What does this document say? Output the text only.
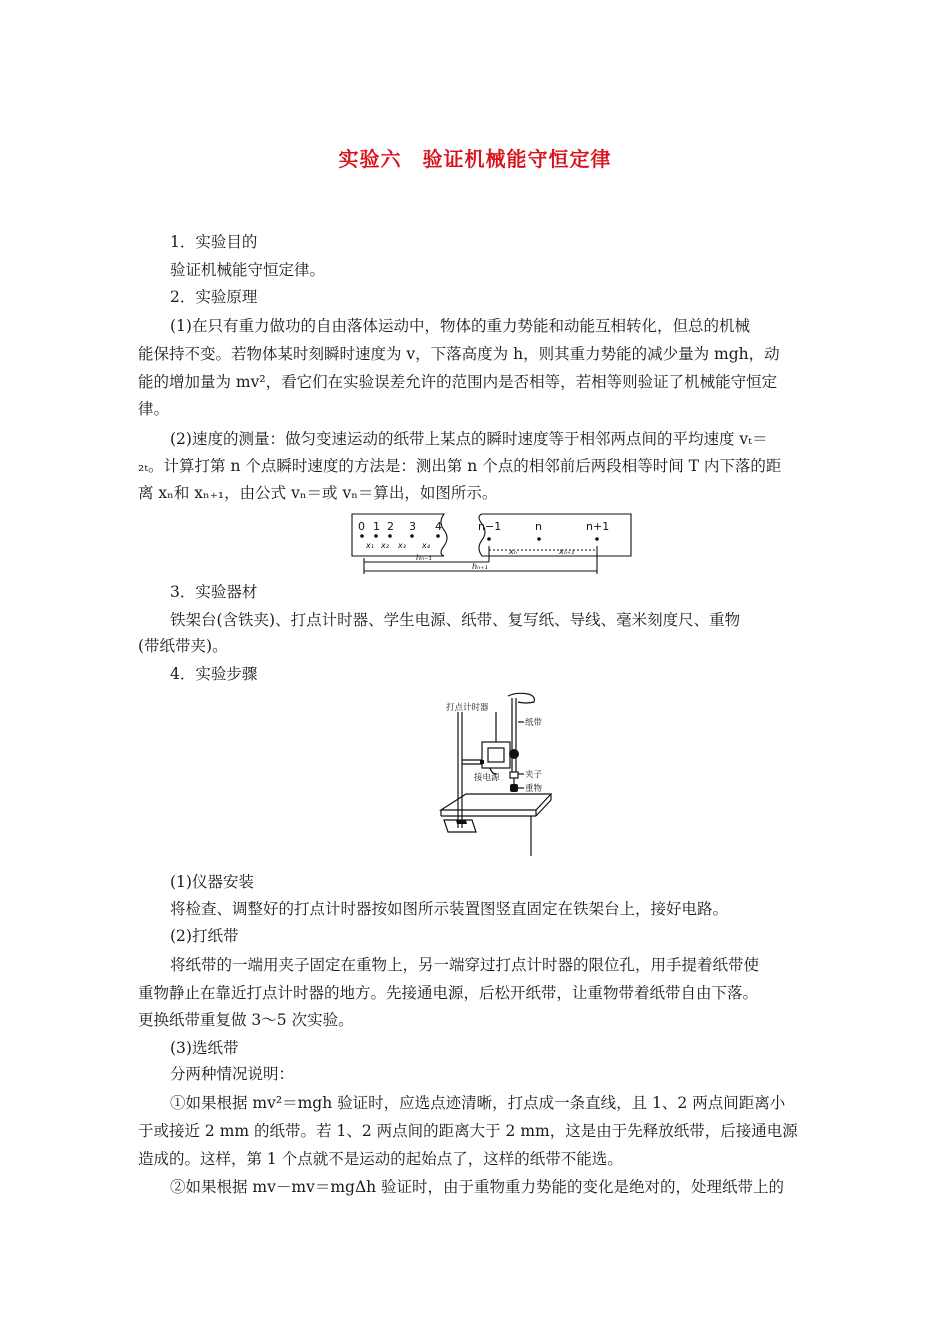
实验六　验证机械能守恒定律
1．实验目的
验证机械能守恒定律。
2．实验原理
(1)在只有重力做功的自由落体运动中，物体的重力势能和动能互相转化，但总的机械
能保持不变。若物体某时刻瞬时速度为 v，下落高度为 h，则其重力势能的减少量为 mgh，动
能的增加量为 mv²，看它们在实验误差允许的范围内是否相等，若相等则验证了机械能守恒定
律。
(2)速度的测量：做匀变速运动的纸带上某点的瞬时速度等于相邻两点间的平均速度 vₜ＝
₂ₜ。计算打第 n 个点瞬时速度的方法是：测出第 n 个点的相邻前后两段相等时间 T 内下落的距
离 xₙ和 xₙ₊₁，由公式 vₙ＝或 vₙ＝算出，如图所示。
0 1 2 3 4	n−1	n	n+1
x₁ x₂ x₃ x₄
xₙ	xₙ₊₁
hₙ₋₁
hₙ₊₁
3．实验器材
铁架台(含铁夹)、打点计时器、学生电源、纸带、复写纸、导线、毫米刻度尺、重物
(带纸带夹)。
4．实验步骤
打点计时器
纸带
接电源	夹子
重物
(1)仪器安装
将检查、调整好的打点计时器按如图所示装置图竖直固定在铁架台上，接好电路。
(2)打纸带
将纸带的一端用夹子固定在重物上，另一端穿过打点计时器的限位孔，用手提着纸带使
重物静止在靠近打点计时器的地方。先接通电源，后松开纸带，让重物带着纸带自由下落。
更换纸带重复做 3～5 次实验。
(3)选纸带
分两种情况说明：
①如果根据 mv²＝mgh 验证时，应选点迹清晰，打点成一条直线，且 1、2 两点间距离小
于或接近 2 mm 的纸带。若 1、2 两点间的距离大于 2 mm，这是由于先释放纸带，后接通电源
造成的。这样，第 1 个点就不是运动的起始点了，这样的纸带不能选。
②如果根据 mv－mv＝mgΔh 验证时，由于重物重力势能的变化是绝对的，处理纸带上的
